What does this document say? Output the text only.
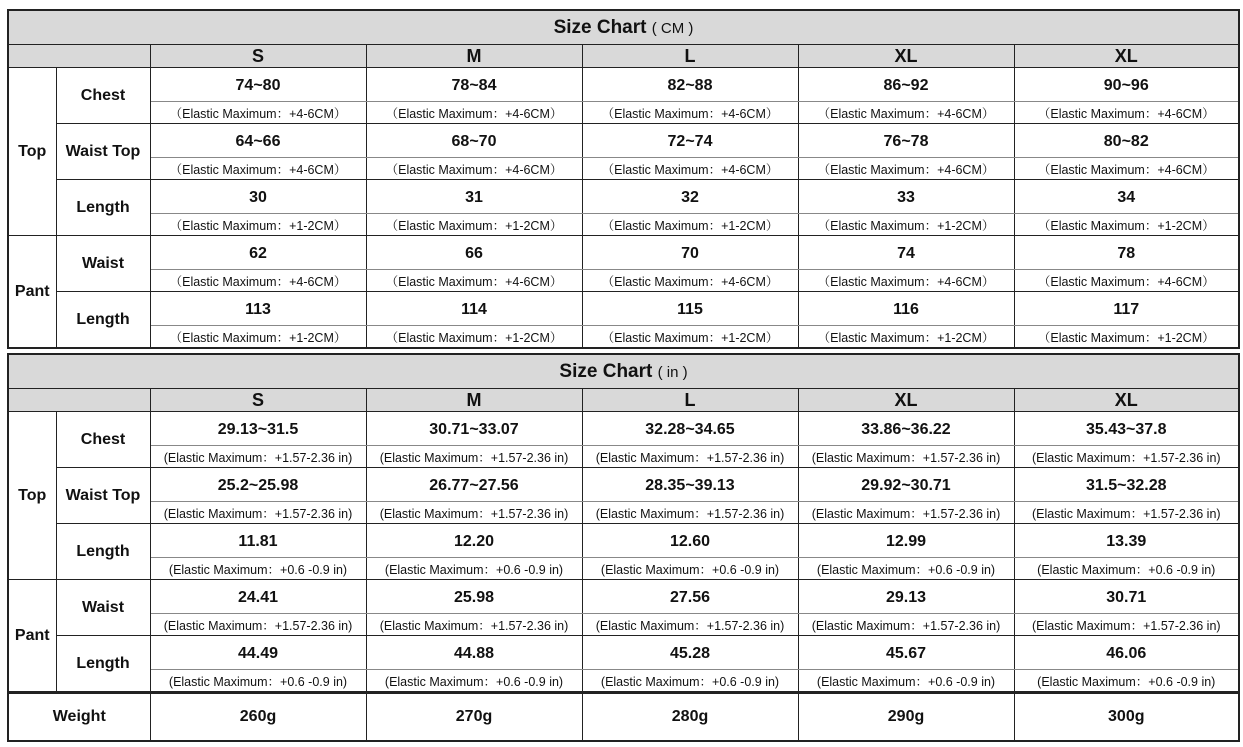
Size Chart ( CM )						
		S	M	L	XL	XL
Top	Chest	74~80	78~84	82~88	86~92	90~96
		（Elastic Maximum：+4-6CM）	（Elastic Maximum：+4-6CM）	（Elastic Maximum：+4-6CM）	（Elastic Maximum：+4-6CM）	（Elastic Maximum：+4-6CM）
	Waist Top	64~66	68~70	72~74	76~78	80~82
		（Elastic Maximum：+4-6CM）	（Elastic Maximum：+4-6CM）	（Elastic Maximum：+4-6CM）	（Elastic Maximum：+4-6CM）	（Elastic Maximum：+4-6CM）
	Length	30	31	32	33	34
		（Elastic Maximum：+1-2CM）	（Elastic Maximum：+1-2CM）	（Elastic Maximum：+1-2CM）	（Elastic Maximum：+1-2CM）	（Elastic Maximum：+1-2CM）
Pant	Waist	62	66	70	74	78
		（Elastic Maximum：+4-6CM）	（Elastic Maximum：+4-6CM）	（Elastic Maximum：+4-6CM）	（Elastic Maximum：+4-6CM）	（Elastic Maximum：+4-6CM）
	Length	113	114	115	116	117
		（Elastic Maximum：+1-2CM）	（Elastic Maximum：+1-2CM）	（Elastic Maximum：+1-2CM）	（Elastic Maximum：+1-2CM）	（Elastic Maximum：+1-2CM）
Size Chart ( in )						
		S	M	L	XL	XL
Top	Chest	29.13~31.5	30.71~33.07	32.28~34.65	33.86~36.22	35.43~37.8
		(Elastic Maximum：+1.57-2.36 in)	(Elastic Maximum：+1.57-2.36 in)	(Elastic Maximum：+1.57-2.36 in)	(Elastic Maximum：+1.57-2.36 in)	(Elastic Maximum：+1.57-2.36 in)
	Waist Top	25.2~25.98	26.77~27.56	28.35~39.13	29.92~30.71	31.5~32.28
		(Elastic Maximum：+1.57-2.36 in)	(Elastic Maximum：+1.57-2.36 in)	(Elastic Maximum：+1.57-2.36 in)	(Elastic Maximum：+1.57-2.36 in)	(Elastic Maximum：+1.57-2.36 in)
	Length	11.81	12.20	12.60	12.99	13.39
		(Elastic Maximum：+0.6 -0.9 in)	(Elastic Maximum：+0.6 -0.9 in)	(Elastic Maximum：+0.6 -0.9 in)	(Elastic Maximum：+0.6 -0.9 in)	(Elastic Maximum：+0.6 -0.9 in)
Pant	Waist	24.41	25.98	27.56	29.13	30.71
		(Elastic Maximum：+1.57-2.36 in)	(Elastic Maximum：+1.57-2.36 in)	(Elastic Maximum：+1.57-2.36 in)	(Elastic Maximum：+1.57-2.36 in)	(Elastic Maximum：+1.57-2.36 in)
	Length	44.49	44.88	45.28	45.67	46.06
		(Elastic Maximum：+0.6 -0.9 in)	(Elastic Maximum：+0.6 -0.9 in)	(Elastic Maximum：+0.6 -0.9 in)	(Elastic Maximum：+0.6 -0.9 in)	(Elastic Maximum：+0.6 -0.9 in)
Weight	260g	270g	280g	290g	300g
